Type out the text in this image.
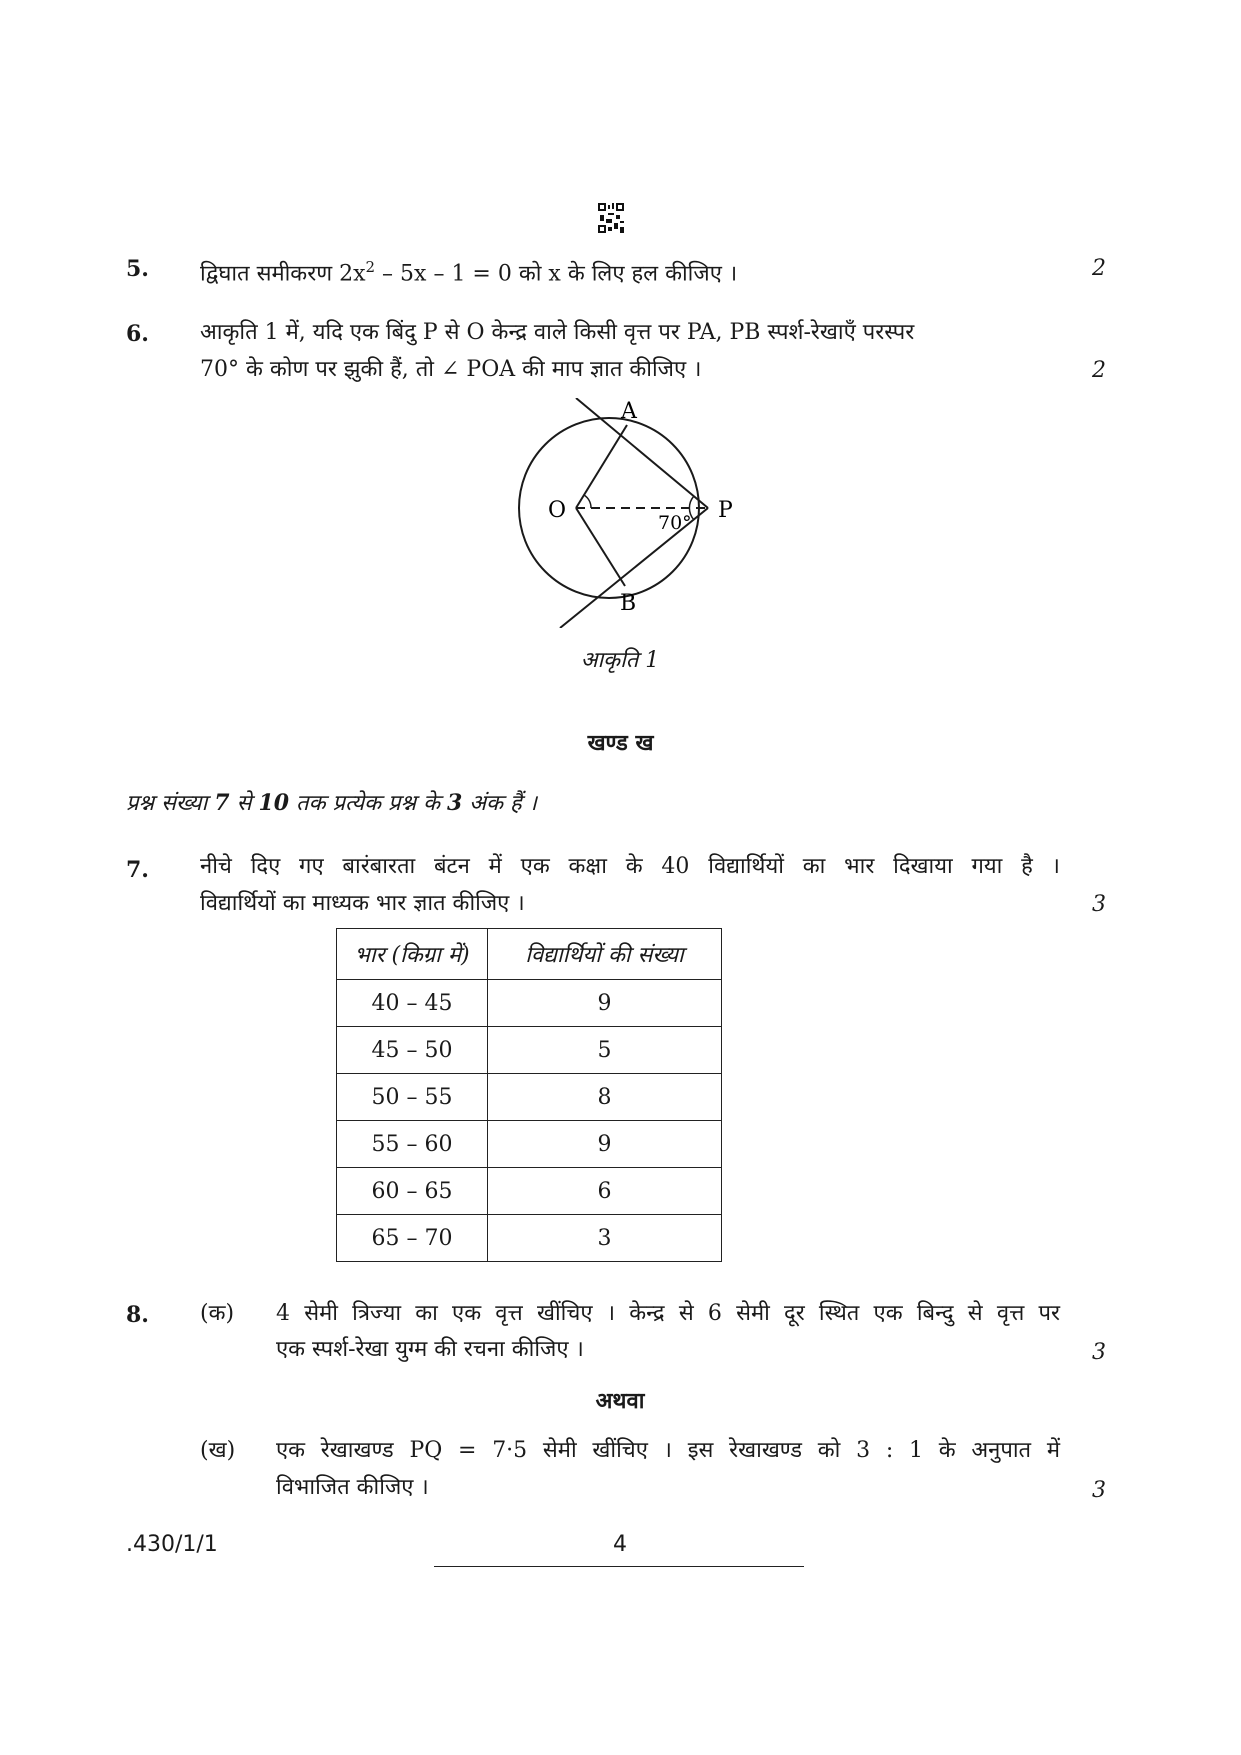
5. द्विघात समीकरण $2x^2 - 5x - 1 = 0$ को x के लिए हल कीजिए ।	2
6. आकृति 1 में, यदि एक बिंदु P से O केन्द्र वाले किसी वृत्त पर PA, PB स्पर्श-रेखाएँ परस्पर
70° के कोण पर झुकी हैं, तो ∠ POA की माप ज्ञात कीजिए ।	2
A
O	P
B
70°
आकृति 1
खण्ड ख
प्रश्न संख्या 7 से 10 तक प्रत्येक प्रश्न के 3 अंक हैं ।
7. नीचे दिए गए बारंबारता बंटन में एक कक्षा के 40 विद्यार्थियों का भार दिखाया गया है ।
विद्यार्थियों का माध्यक भार ज्ञात कीजिए ।	3
भार (किग्रा में)	विद्यार्थियों की संख्या
40 – 45	9
45 – 50	5
50 – 55	8
55 – 60	9
60 – 65	6
65 – 70	3
8. (क) 4 सेमी त्रिज्या का एक वृत्त खींचिए । केन्द्र से 6 सेमी दूर स्थित एक बिन्दु से वृत्त पर
एक स्पर्श-रेखा युग्म की रचना कीजिए ।	3
अथवा
(ख) एक रेखाखण्ड PQ = 7·5 सेमी खींचिए । इस रेखाखण्ड को 3 : 1 के अनुपात में
विभाजित कीजिए ।	3
.430/1/1	4
